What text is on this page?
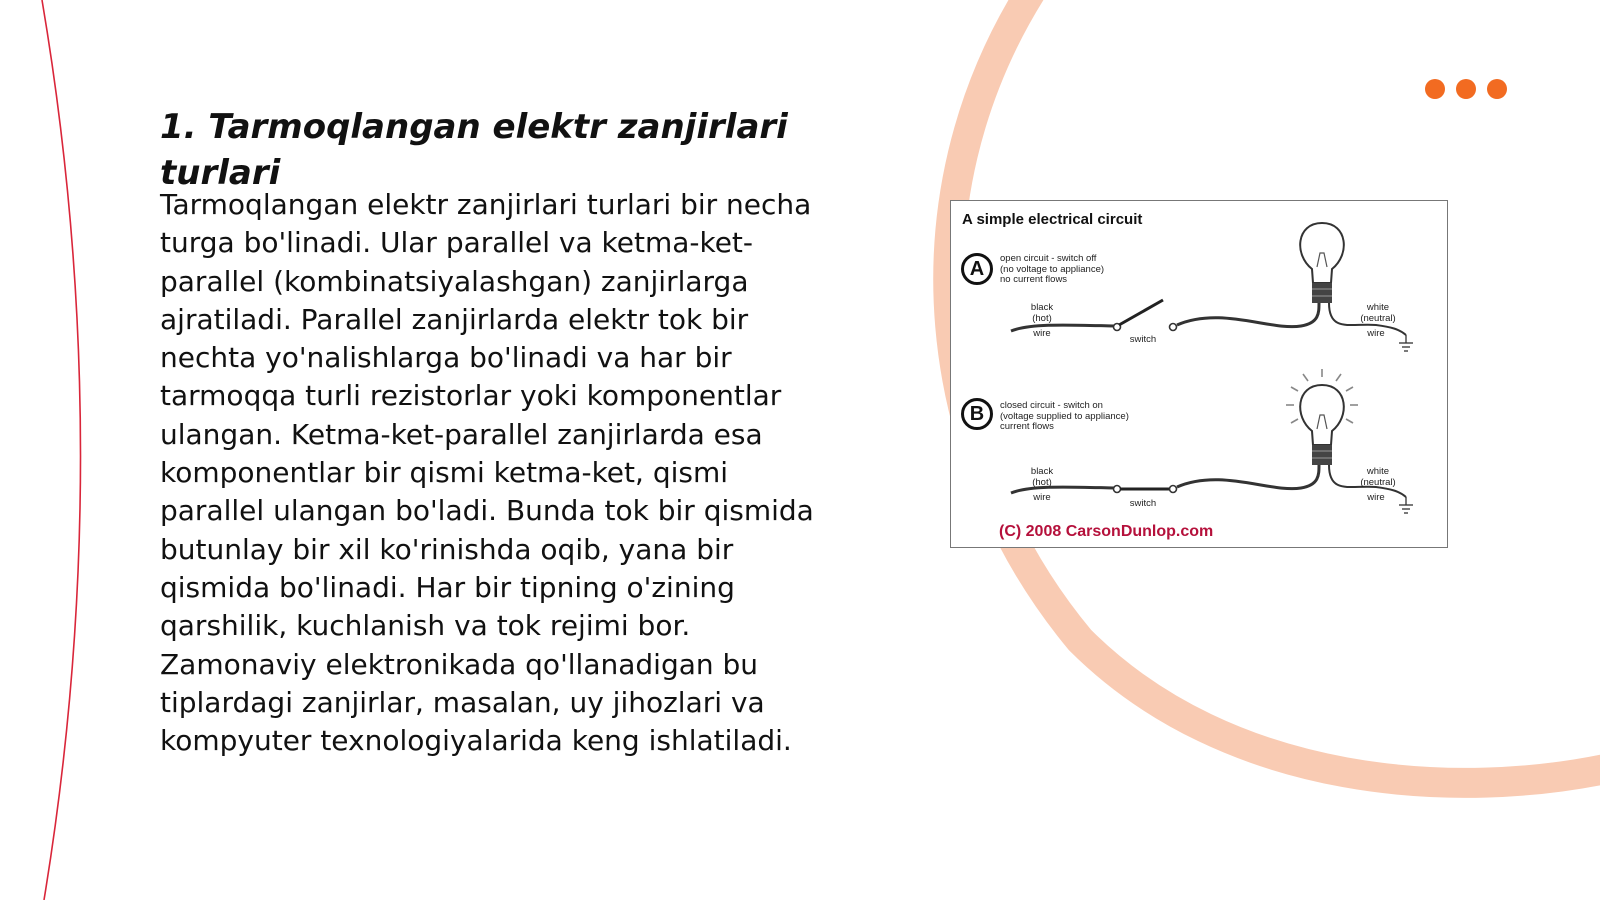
1. Tarmoqlangan elektr zanjirlari turlari

Tarmoqlangan elektr zanjirlari turlari bir necha turga bo'linadi. Ular parallel va ketma-ket-parallel (kombinatsiyalashgan) zanjirlarga ajratiladi. Parallel zanjirlarda elektr tok bir nechta yo'nalishlarga bo'linadi va har bir tarmoqqa turli rezistorlar yoki komponentlar ulangan. Ketma-ket-parallel zanjirlarda esa komponentlar bir qismi ketma-ket, qismi parallel ulangan bo'ladi. Bunda tok bir qismida butunlay bir xil ko'rinishda oqib, yana bir qismida bo'linadi. Har bir tipning o'zining qarshilik, kuchlanish va tok rejimi bor. Zamonaviy elektronikada qo'llanadigan bu tiplardagi zanjirlar, masalan, uy jihozlari va kompyuter texnologiyalarida keng ishlatiladi.

A simple electrical circuit
A	open circuit - switch off
(no voltage to appliance)
no current flows
black
(hot)
wire
switch
white
(neutral)
wire
B	closed circuit - switch on
(voltage supplied to appliance)
current flows
black
(hot)
wire
switch
white
(neutral)
wire
(C) 2008 CarsonDunlop.com
